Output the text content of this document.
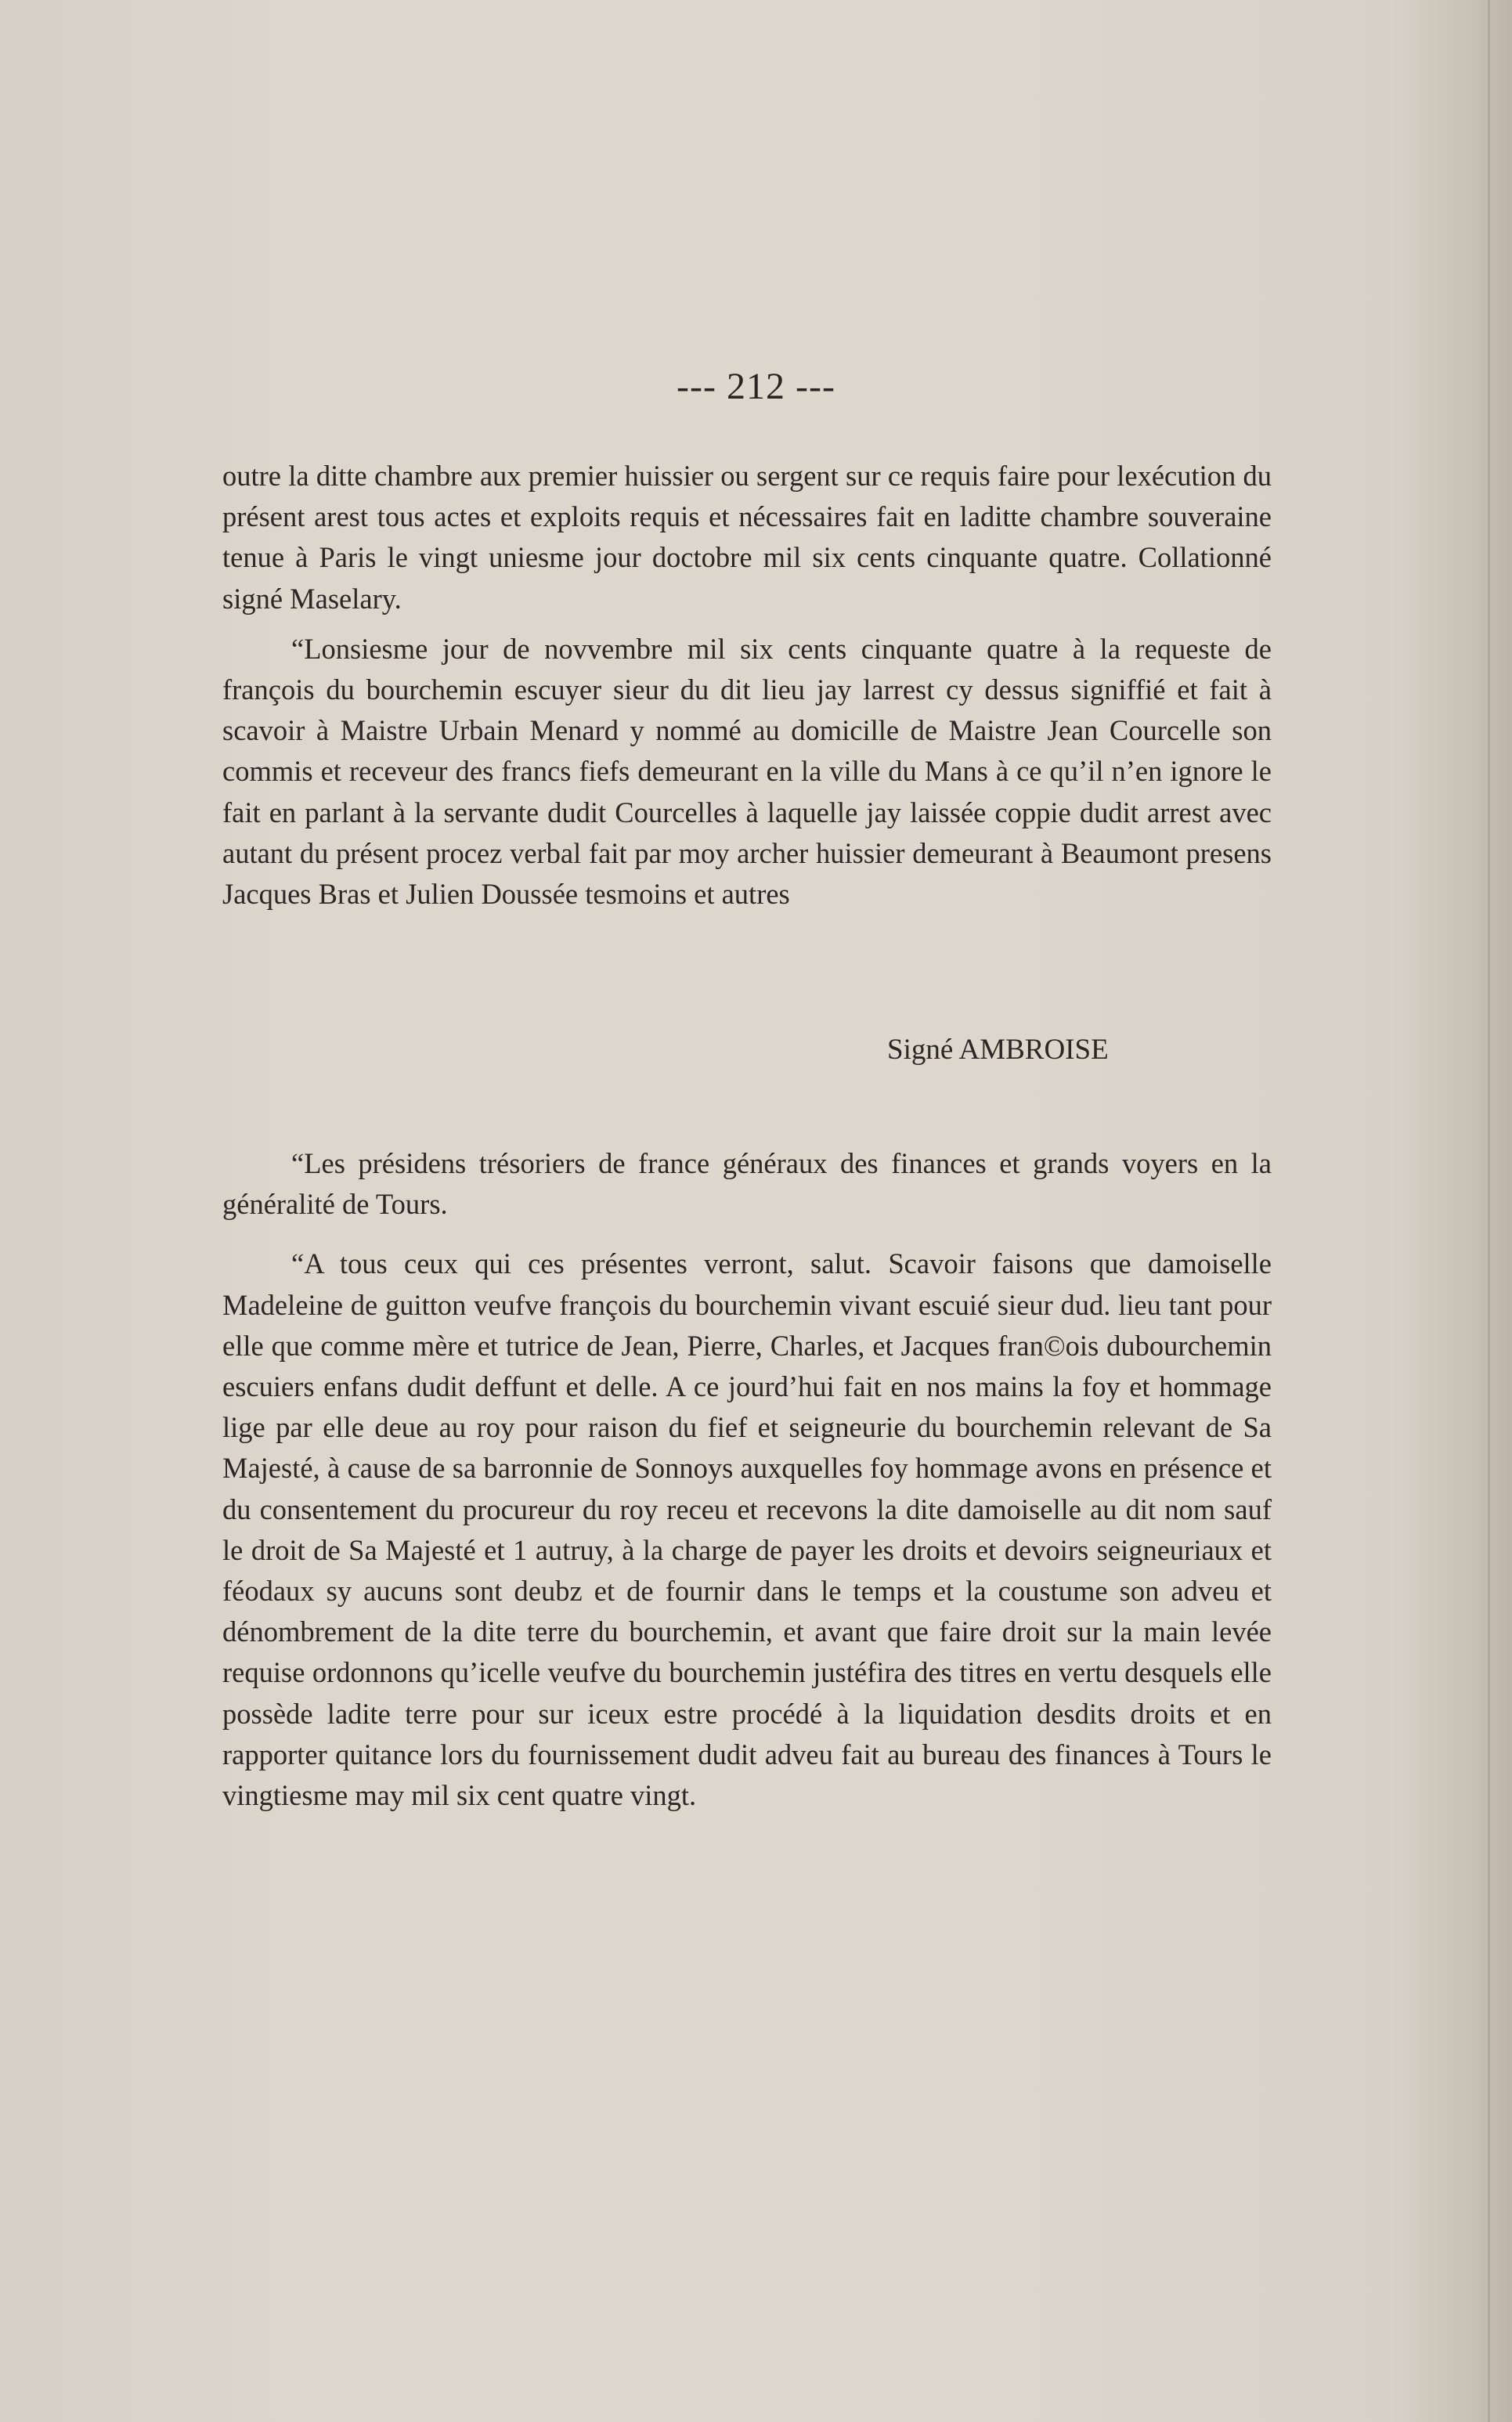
--- 212 ---

outre la ditte chambre aux premier huissier ou sergent sur ce requis faire pour lexécution du présent arest tous actes et exploits requis et nécessaires fait en laditte chambre souveraine tenue à Paris le vingt uniesme jour doctobre mil six cents cinquante quatre. Collationné signé Maselary.

“Lonsiesme jour de novvembre mil six cents cinquante quatre à la requeste de françois du bourchemin escuyer sieur du dit lieu jay larrest cy dessus signiffié et fait à scavoir à Maistre Urbain Menard y nommé au domicille de Maistre Jean Courcelle son commis et receveur des francs fiefs demeurant en la ville du Mans à ce qu’il n’en ignore le fait en parlant à la servante dudit Courcelles à laquelle jay laissée coppie dudit arrest avec autant du présent procez verbal fait par moy archer huissier demeurant à Beaumont presens Jacques Bras et Julien Doussée tesmoins et autres

Signé AMBROISE

“Les présidens trésoriers de france généraux des finances et grands voyers en la généralité de Tours.

“A tous ceux qui ces présentes verront, salut. Scavoir faisons que damoiselle Madeleine de guitton veufve françois du bourchemin vivant escuié sieur dud. lieu tant pour elle que comme mère et tutrice de Jean, Pierre, Charles, et Jacques fran©ois dubourchemin escuiers enfans dudit deffunt et delle. A ce jourd’hui fait en nos mains la foy et hommage lige par elle deue au roy pour raison du fief et seigneurie du bourchemin relevant de Sa Majesté, à cause de sa barronnie de Sonnoys auxquelles foy hommage avons en présence et du consentement du procureur du roy receu et recevons la dite damoiselle au dit nom sauf le droit de Sa Majesté et 1 autruy, à la charge de payer les droits et devoirs seigneuriaux et féodaux sy aucuns sont deubz et de fournir dans le temps et la coustume son adveu et dénombrement de la dite terre du bourchemin, et avant que faire droit sur la main levée requise ordonnons qu’icelle veufve du bourchemin justéfira des titres en vertu desquels elle possède ladite terre pour sur iceux estre procédé à la liquidation desdits droits et en rapporter quitance lors du fournissement dudit adveu fait au bureau des finances à Tours le vingtiesme may mil six cent quatre vingt.
